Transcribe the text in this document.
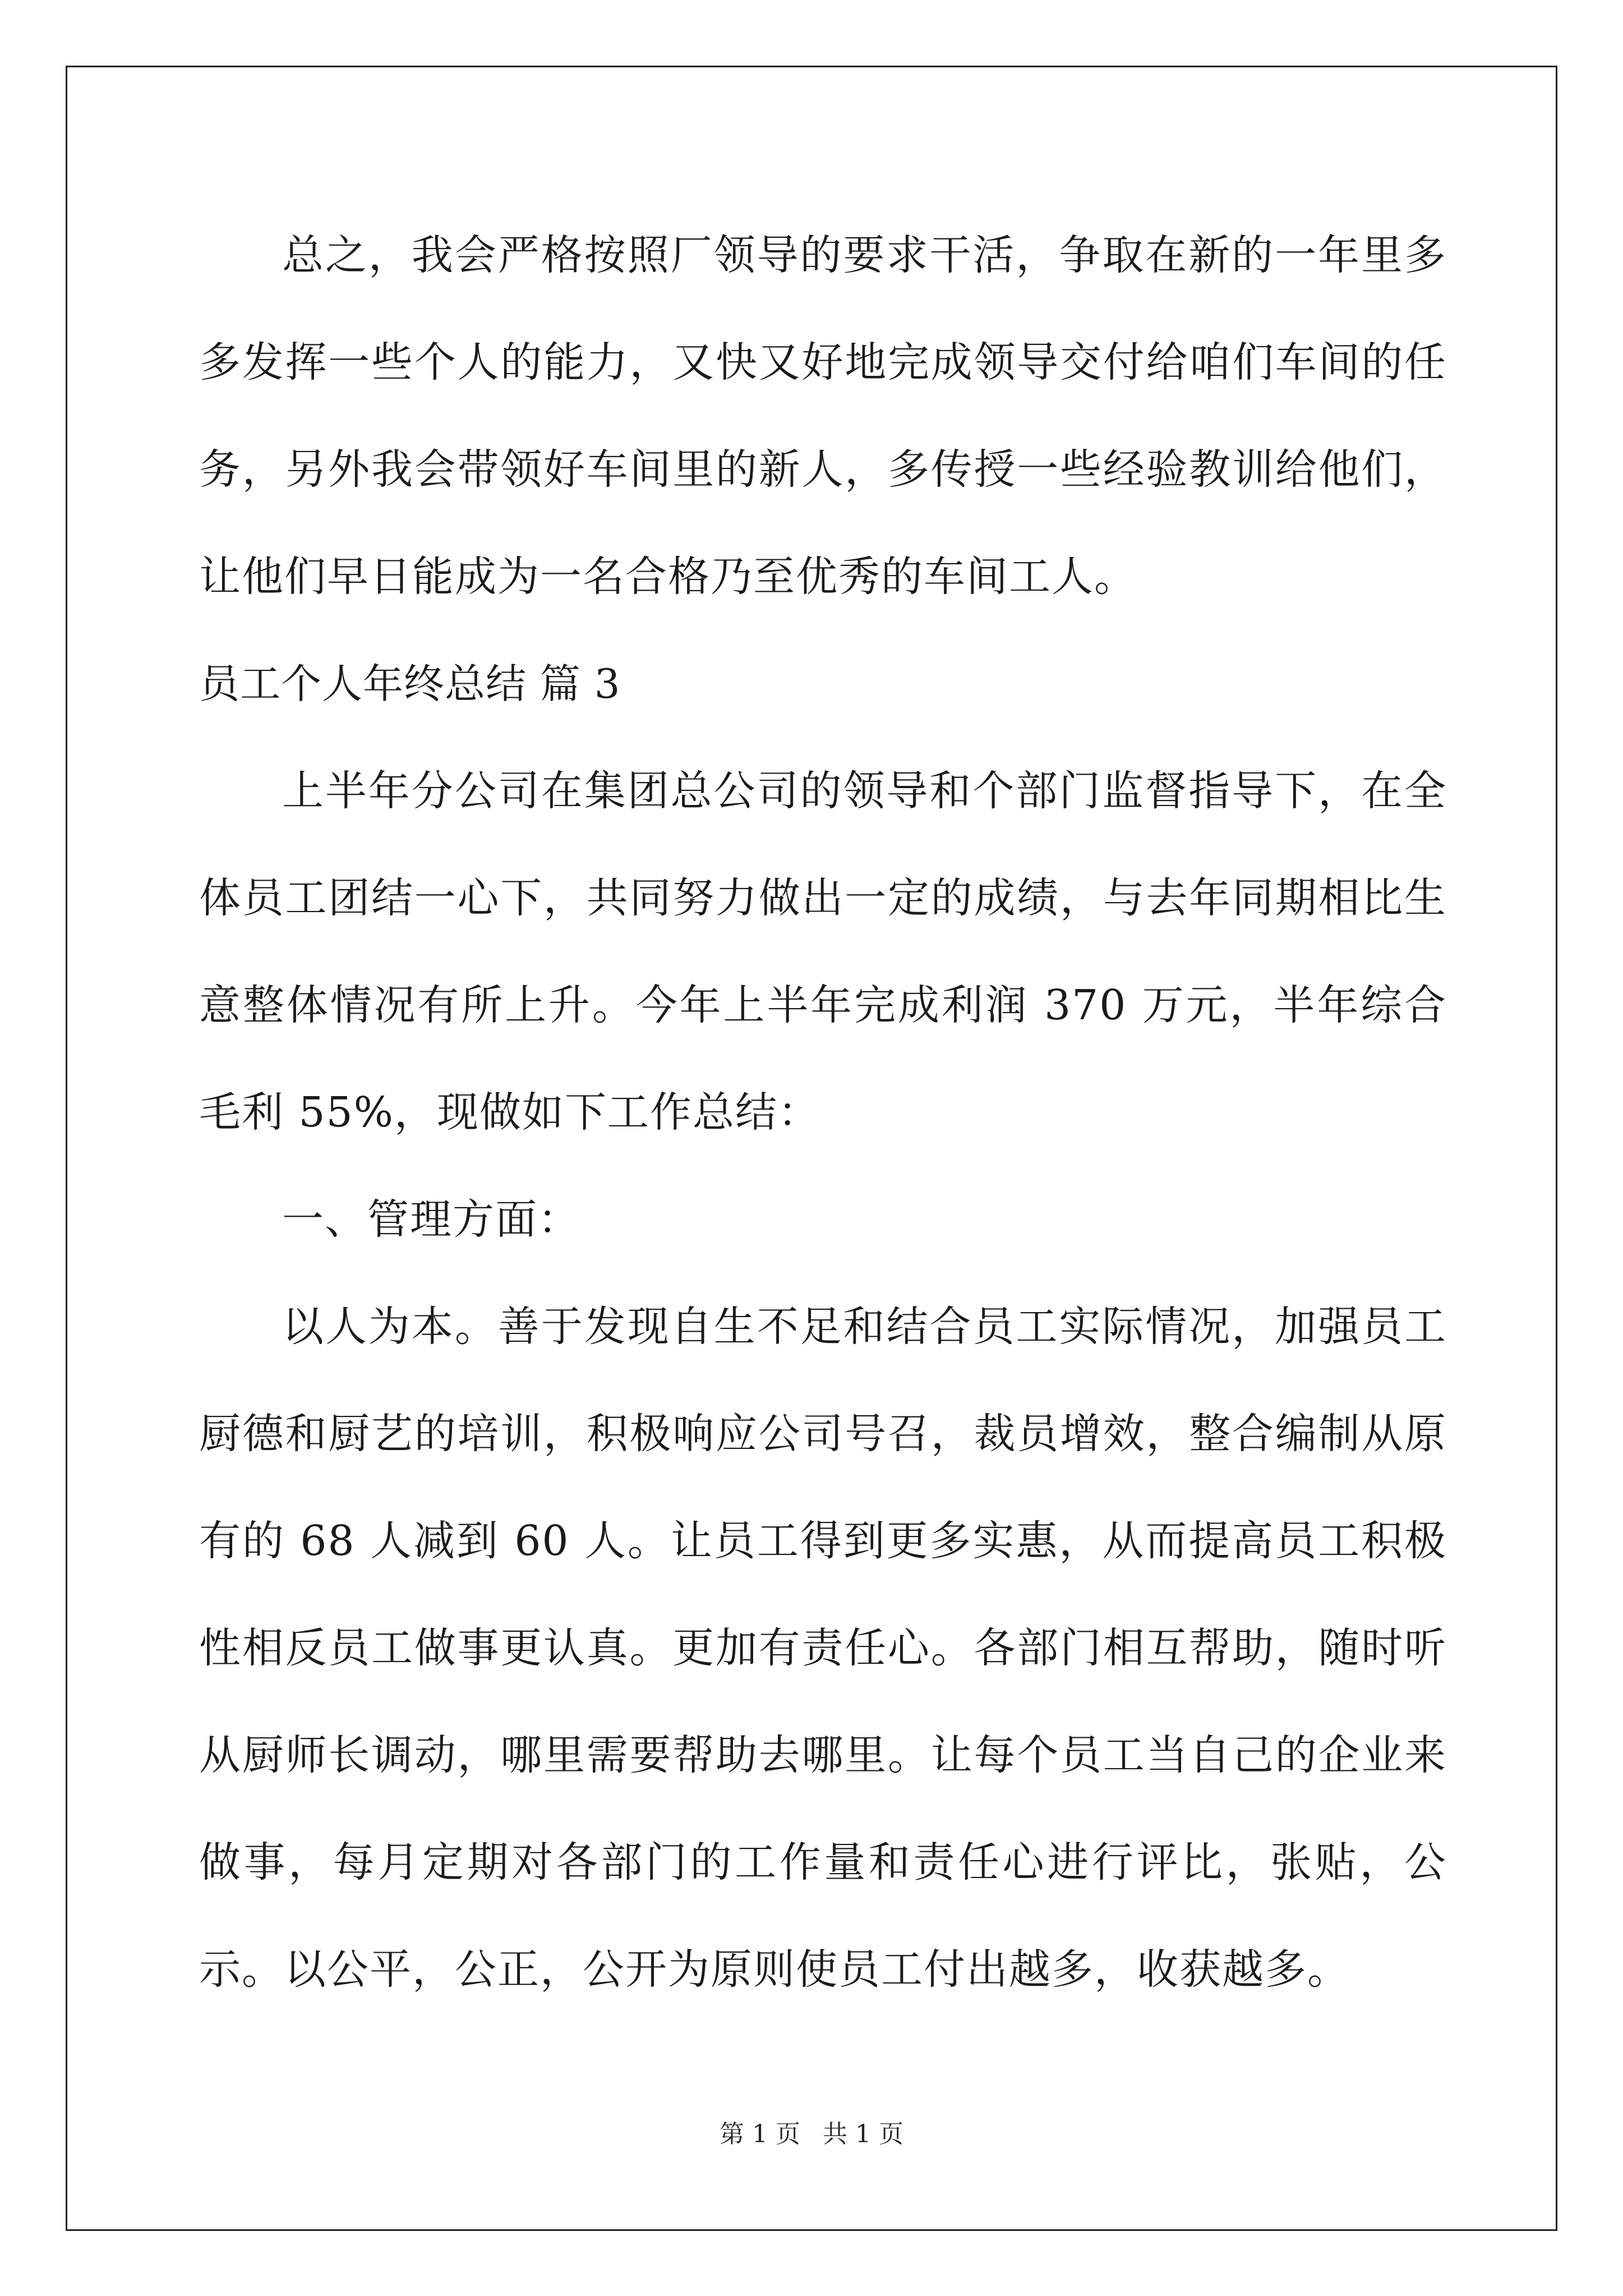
总之，我会严格按照厂领导的要求干活，争取在新的一年里多多发挥一些个人的能力，又快又好地完成领导交付给咱们车间的任务，另外我会带领好车间里的新人，多传授一些经验教训给他们，让他们早日能成为一名合格乃至优秀的车间工人。

员工个人年终总结 篇 3

上半年分公司在集团总公司的领导和个部门监督指导下，在全体员工团结一心下，共同努力做出一定的成绩，与去年同期相比生意整体情况有所上升。今年上半年完成利润 370 万元，半年综合毛利 55%，现做如下工作总结：

一、管理方面：

以人为本。善于发现自生不足和结合员工实际情况，加强员工厨德和厨艺的培训，积极响应公司号召，裁员增效，整合编制从原有的 68 人减到 60 人。让员工得到更多实惠，从而提高员工积极性相反员工做事更认真。更加有责任心。各部门相互帮助，随时听从厨师长调动，哪里需要帮助去哪里。让每个员工当自己的企业来做事，每月定期对各部门的工作量和责任心进行评比，张贴，公示。以公平，公正，公开为原则使员工付出越多，收获越多。

第 1 页 共 1 页
